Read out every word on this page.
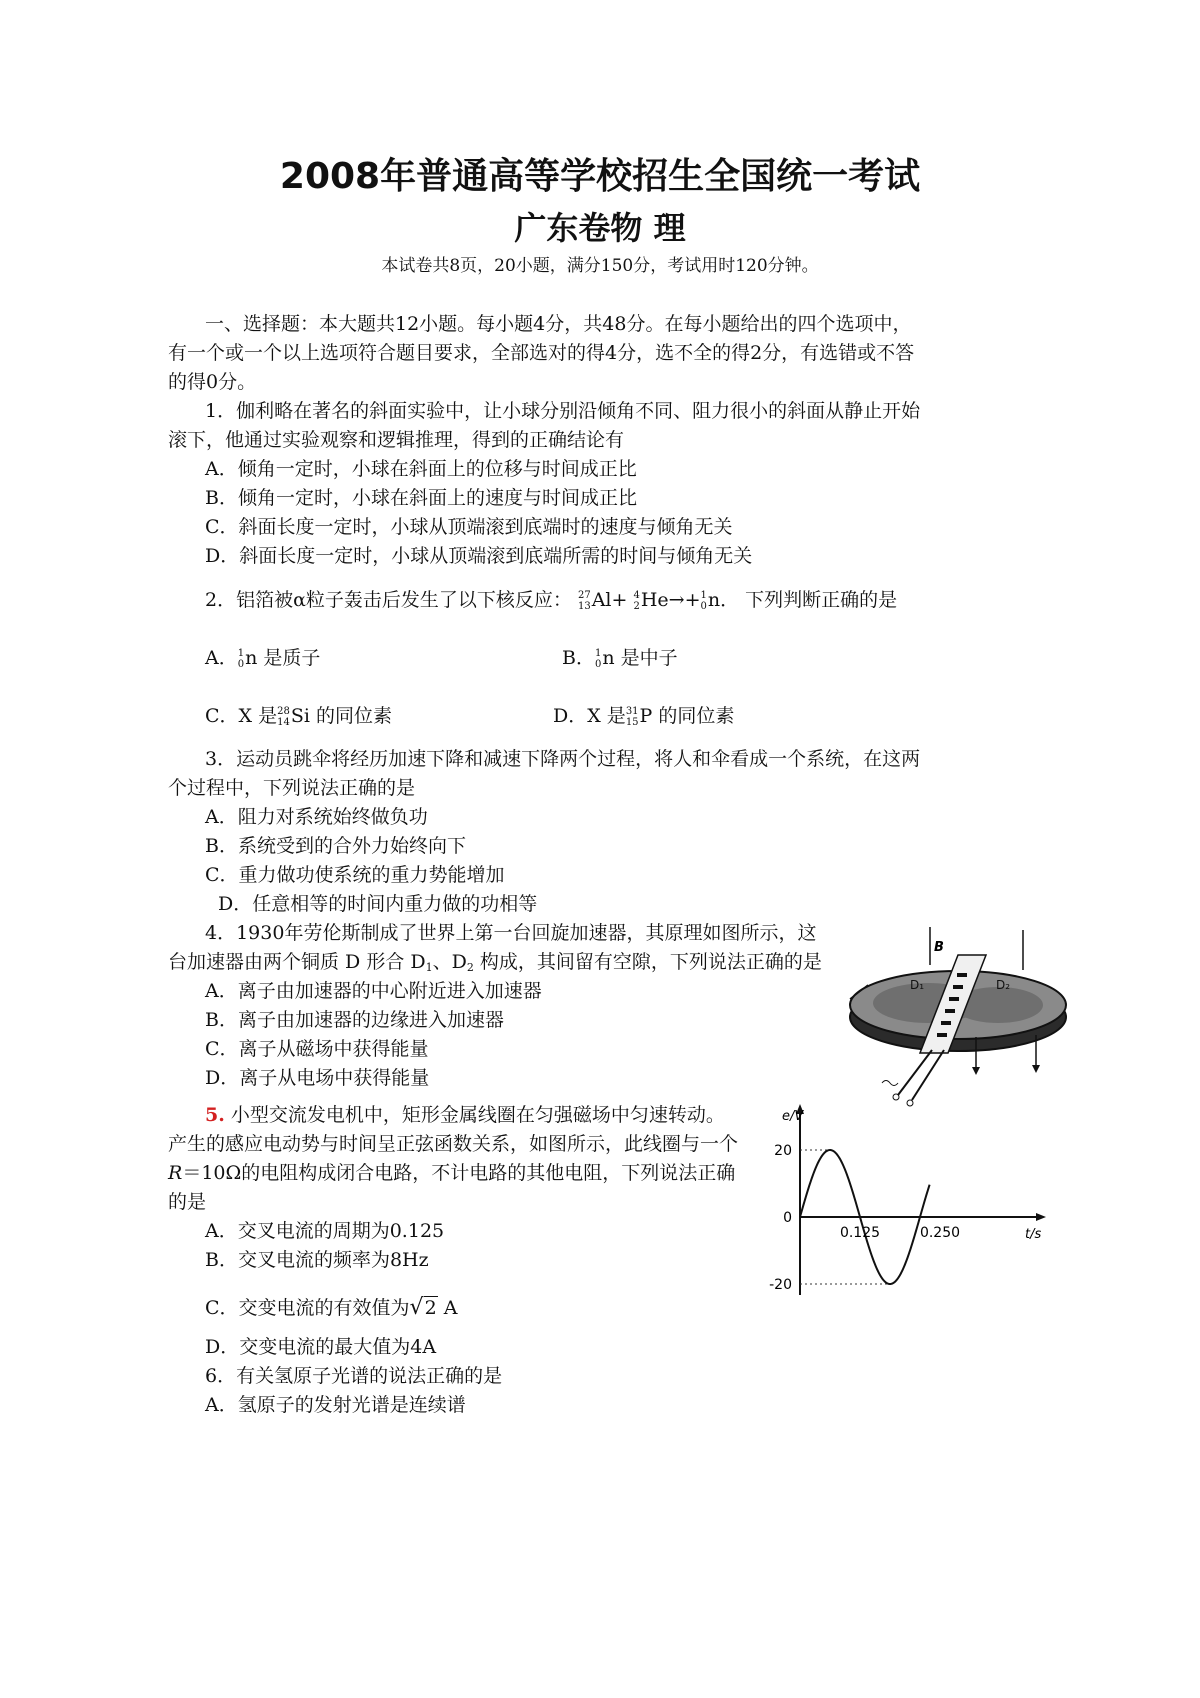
2008年普通高等学校招生全国统一考试
广东卷物 理
本试卷共8页，20小题，满分150分，考试用时120分钟。
一、选择题：本大题共12小题。每小题4分，共48分。在每小题给出的四个选项中，
有一个或一个以上选项符合题目要求，全部选对的得4分，选不全的得2分，有选错或不答
的得0分。
1．伽利略在著名的斜面实验中，让小球分别沿倾角不同、阻力很小的斜面从静止开始
滚下，他通过实验观察和逻辑推理，得到的正确结论有
A．倾角一定时，小球在斜面上的位移与时间成正比
B．倾角一定时，小球在斜面上的速度与时间成正比
C．斜面长度一定时，小球从顶端滚到底端时的速度与倾角无关
D．斜面长度一定时，小球从顶端滚到底端所需的时间与倾角无关
2．铝箔被α粒子轰击后发生了以下核反应： 27
13 Al+ 4
2 He→+ 1
0 n． 下列判断正确的是
A． 1
0 n 是质子	B． 1
0 n 是中子
C．X 是 28
14 Si 的同位素	D．X 是 31
15 P 的同位素
3．运动员跳伞将经历加速下降和减速下降两个过程，将人和伞看成一个系统，在这两
个过程中，下列说法正确的是
A．阻力对系统始终做负功
B．系统受到的合外力始终向下
C．重力做功使系统的重力势能增加
D．任意相等的时间内重力做的功相等
4．1930年劳伦斯制成了世界上第一台回旋加速器，其原理如图所示，这
台加速器由两个铜质 D 形合 $D_1$、$D_2$ 构成，其间留有空隙，下列说法正确的是
A．离子由加速器的中心附近进入加速器
B．离子由加速器的边缘进入加速器
C．离子从磁场中获得能量
D．离子从电场中获得能量
B
D₁	D₂
5. 小型交流发电机中，矩形金属线圈在匀强磁场中匀速转动。
产生的感应电动势与时间呈正弦函数关系，如图所示，此线圈与一个
R＝10Ω的电阻构成闭合电路，不计电路的其他电阻，下列说法正确
的是
A．交叉电流的周期为0.125
B．交叉电流的频率为8Hz
C．交变电流的有效值为√2 A
D．交变电流的最大值为4A
e/V
t/s
20
0
-20
0.125	0.250
6．有关氢原子光谱的说法正确的是
A．氢原子的发射光谱是连续谱
